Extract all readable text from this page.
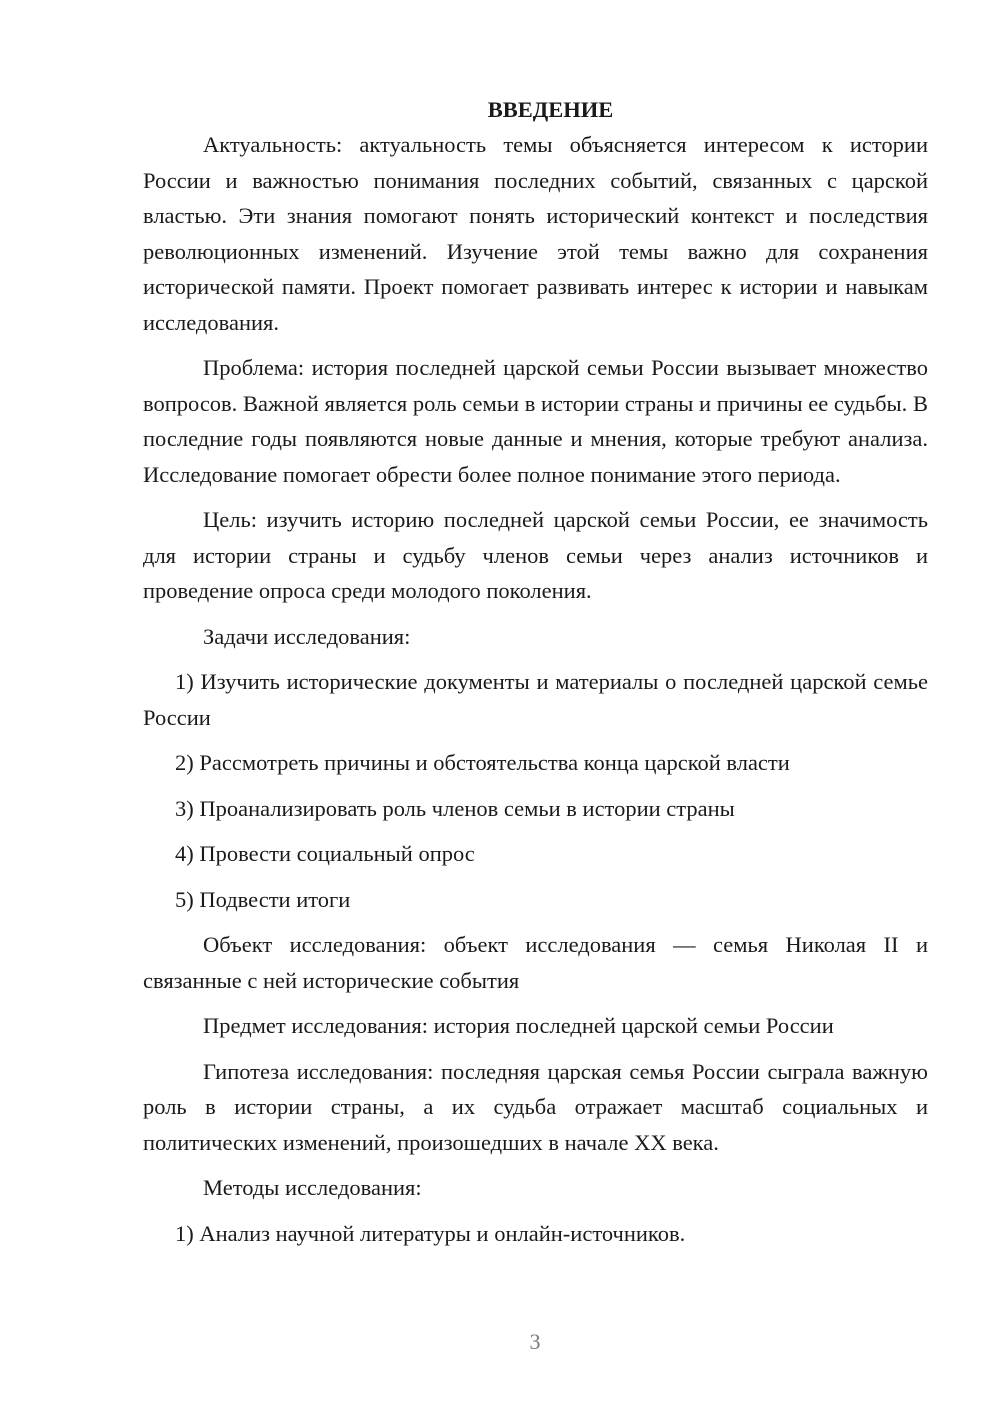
ВВЕДЕНИЕ

Актуальность: актуальность темы объясняется интересом к истории России и важностью понимания последних событий, связанных с царской властью. Эти знания помогают понять исторический контекст и последствия революционных изменений. Изучение этой темы важно для сохранения исторической памяти. Проект помогает развивать интерес к истории и навыкам исследования.

Проблема: история последней царской семьи России вызывает множество вопросов. Важной является роль семьи в истории страны и причины ее судьбы. В последние годы появляются новые данные и мнения, которые требуют анализа. Исследование помогает обрести более полное понимание этого периода.

Цель: изучить историю последней царской семьи России, ее значимость для истории страны и судьбу членов семьи через анализ источников и проведение опроса среди молодого поколения.

Задачи исследования:

1) Изучить исторические документы и материалы о последней царской семье России

2) Рассмотреть причины и обстоятельства конца царской власти

3) Проанализировать роль членов семьи в истории страны

4) Провести социальный опрос

5) Подвести итоги

Объект исследования: объект исследования — семья Николая II и связанные с ней исторические события

Предмет исследования: история последней царской семьи России

Гипотеза исследования: последняя царская семья России сыграла важную роль в истории страны, а их судьба отражает масштаб социальных и политических изменений, произошедших в начале XX века.

Методы исследования:

1) Анализ научной литературы и онлайн-источников.

3
